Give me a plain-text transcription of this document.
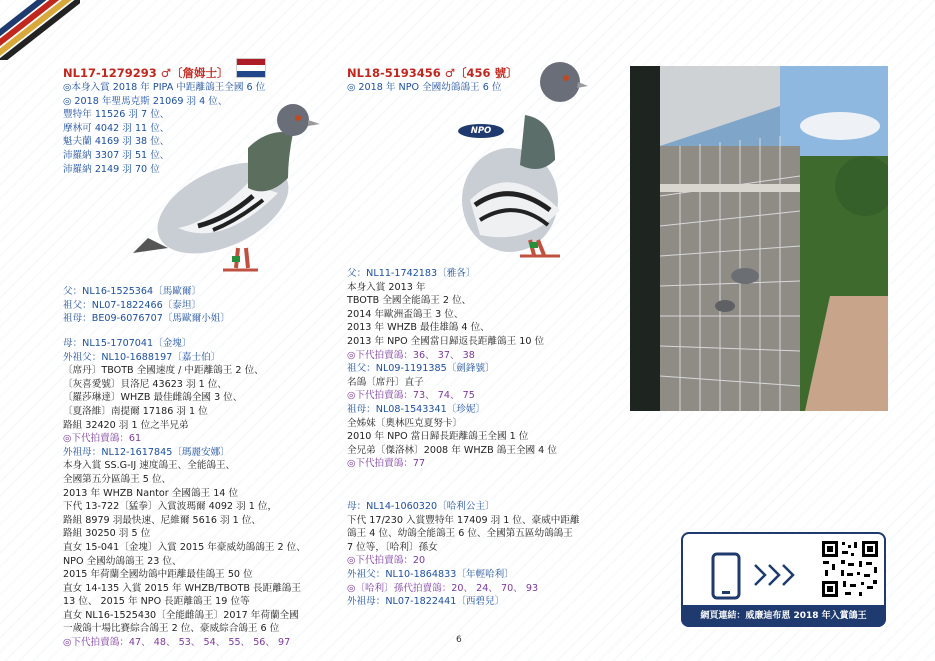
NL17-1279293 ♂〔詹姆士〕
◎本身入賞 2018 年 PIPA 中距離鴿王全國 6 位
◎ 2018 年聖馬克斯 21069 羽 4 位、
豐特年 11526 羽 7 位、
摩林可 4042 羽 11 位、
魁夫蘭 4169 羽 38 位、
沛羅納 3307 羽 51 位、
沛羅納 2149 羽 70 位
父：NL16-1525364〔馬歐爾〕
祖父：NL07-1822466〔泰坦〕
祖母：BE09-6076707〔馬歐爾小姐〕
母：NL15-1707041〔金塊〕
外祖父：NL10-1688197〔嘉士伯〕
〔席丹〕TBOTB 全國速度 / 中距離鴿王 2 位、
〔灰喜愛號〕貝洛尼 43623 羽 1 位、
〔羅莎琳達〕WHZB 最佳雌鴿全國 3 位、
〔夏洛維〕南提爾 17186 羽 1 位
路組 32420 羽 1 位之半兄弟
◎下代拍賣鴿：61
外祖母：NL12-1617845〔瑪麗安娜〕
本身入賞 SS.G-IJ 速度鴿王、全能鴿王、
全國第五分區鴿王 5 位、
2013 年 WHZB Nantor 全國鴿王 14 位
下代 13-722〔猛拳〕入賞波瑪爾 4092 羽 1 位，
路組 8979 羽最快速、尼維爾 5616 羽 1 位、
路組 30250 羽 5 位
直女 15-041〔金塊〕入賞 2015 年豪威幼鴿鴿王 2 位、
NPO 全國幼鴿鴿王 23 位、
2015 年荷蘭全國幼鴿中距離最佳鴿王 50 位
直女 14-135 入賞 2015 年 WHZB/TBOTB 長距離鴿王
13 位、 2015 年 NPO 長距離鴿王 19 位等
直女 NL16-1525430〔全能雌鴿王〕2017 年荷蘭全國
一歲鴿十場比賽綜合鴿王 2 位、豪威綜合鴿王 6 位
◎下代拍賣鴿：47、 48、 53、 54、 55、 56、 97
NL18-5193456 ♂〔456 號〕
◎ 2018 年 NPO 全國幼鴿鴿王 6 位
NPO
父：NL11-1742183〔雅各〕
本身入賞 2013 年
TBOTB 全國全能鴿王 2 位、
2014 年歐洲盃鴿王 3 位、
2013 年 WHZB 最佳雄鴿 4 位、
2013 年 NPO 全國當日歸返長距離鴿王 10 位
◎下代拍賣鴿：36、 37、 38
祖父：NL09-1191385〔劍鋒號〕
名鴿〔席丹〕直子
◎下代拍賣鴿：73、 74、 75
祖母：NL08-1543341〔珍妮〕
全姊妹〔奧林匹克夏努卡〕
2010 年 NPO 當日歸長距離鴿王全國 1 位
全兄弟〔傑洛林〕2008 年 WHZB 鴿王全國 4 位
◎下代拍賣鴿：77
母：NL14-1060320〔哈利公主〕
下代 17/230 入賞豐特年 17409 羽 1 位、豪威中距離
鴿王 4 位、幼鴿全能鴿王 6 位、全國第五區幼鴿鴿王
7 位等，〔哈利〕孫女
◎下代拍賣鴿：20
外祖父：NL10-1864833〔年輕哈利〕
◎〔哈利〕孫代拍賣鴿：20、 24、 70、 93
外祖母：NL07-1822441〔西碧兒〕
網頁連結：威廉迪布恩 2018 年入賞鴿王
6
